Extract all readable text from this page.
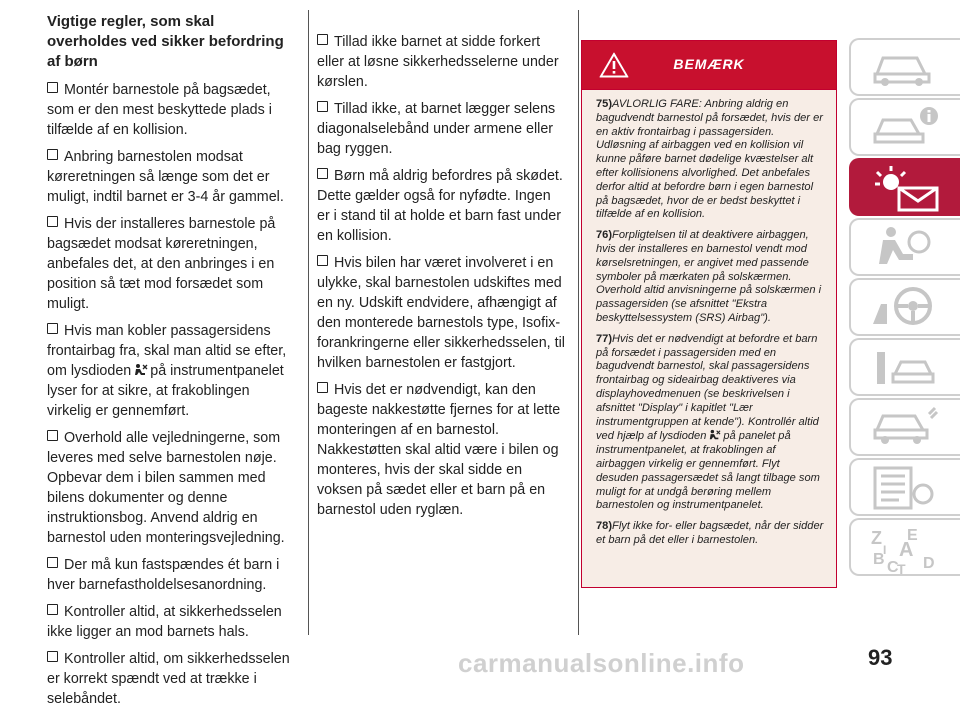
Vigtige regler, som skal overholdes ved sikker befordring af børn

Montér barnestole på bagsædet, som er den mest beskyttede plads i tilfælde af en kollision.

Anbring barnestolen modsat køreretningen så længe som det er muligt, indtil barnet er 3-4 år gammel.

Hvis der installeres barnestole på bagsædet modsat køreretningen, anbefales det, at den anbringes i en position så tæt mod forsædet som muligt.

Hvis man kobler passagersidens frontairbag fra, skal man altid se efter, om lysdioden på instrumentpanelet lyser for at sikre, at frakoblingen virkelig er gennemført.

Overhold alle vejledningerne, som leveres med selve barnestolen nøje. Opbevar dem i bilen sammen med bilens dokumenter og denne instruktionsbog. Anvend aldrig en barnestol uden monteringsvejledning.

Der må kun fastspændes ét barn i hver barnefastholdelsesanordning.

Kontroller altid, at sikkerhedsselen ikke ligger an mod barnets hals.

Kontroller altid, om sikkerhedsselen er korrekt spændt ved at trække i selebåndet.

Tillad ikke barnet at sidde forkert eller at løsne sikkerhedsselerne under kørslen.

Tillad ikke, at barnet lægger selens diagonalselebånd under armene eller bag ryggen.

Børn må aldrig befordres på skødet. Dette gælder også for nyfødte. Ingen er i stand til at holde et barn fast under en kollision.

Hvis bilen har været involveret i en ulykke, skal barnestolen udskiftes med en ny. Udskift endvidere, afhængigt af den monterede barnestols type, Isofix-forankringerne eller sikkerhedsselen, til hvilken barnestolen er fastgjort.

Hvis det er nødvendigt, kan den bageste nakkestøtte fjernes for at lette monteringen af en barnestol. Nakkestøtten skal altid være i bilen og monteres, hvis der skal sidde en voksen på sædet eller et barn på en barnestol uden ryglæn.

BEMÆRK

75)AVLORLIG FARE: Anbring aldrig en bagudvendt barnestol på forsædet, hvis der er en aktiv frontairbag i passagersiden. Udløsning af airbaggen ved en kollision vil kunne påføre barnet dødelige kvæstelser alt efter kollisionens alvorlighed. Det anbefales derfor altid at befordre børn i egen barnestol på bagsædet, hvor de er bedst beskyttet i tilfælde af en kollision.

76)Forpligtelsen til at deaktivere airbaggen, hvis der installeres en barnestol vendt mod kørselsretningen, er angivet med passende symboler på mærkaten på solskærmen. Overhold altid anvisningerne på solskærmen i passagersiden (se afsnittet "Ekstra beskyttelsessystem (SRS) Airbag").

77)Hvis det er nødvendigt at befordre et barn på forsædet i passagersiden med en bagudvendt barnestol, skal passagersidens frontairbag og sideairbag deaktiveres via displayhovedmenuen (se beskrivelsen i afsnittet "Display" i kapitlet "Lær instrumentgruppen at kende"). Kontrollér altid ved hjælp af lysdioden på panelet på instrumentpanelet, at frakoblingen af airbaggen virkelig er gennemført. Flyt desuden passagersædet så langt tilbage som muligt for at undgå berøring mellem barnestolen og instrumentpanelet.

78)Flyt ikke for- eller bagsædet, når der sidder et barn på det eller i barnestolen.	Z E
A
B C D
T
I
carmanualsonline.info	93
